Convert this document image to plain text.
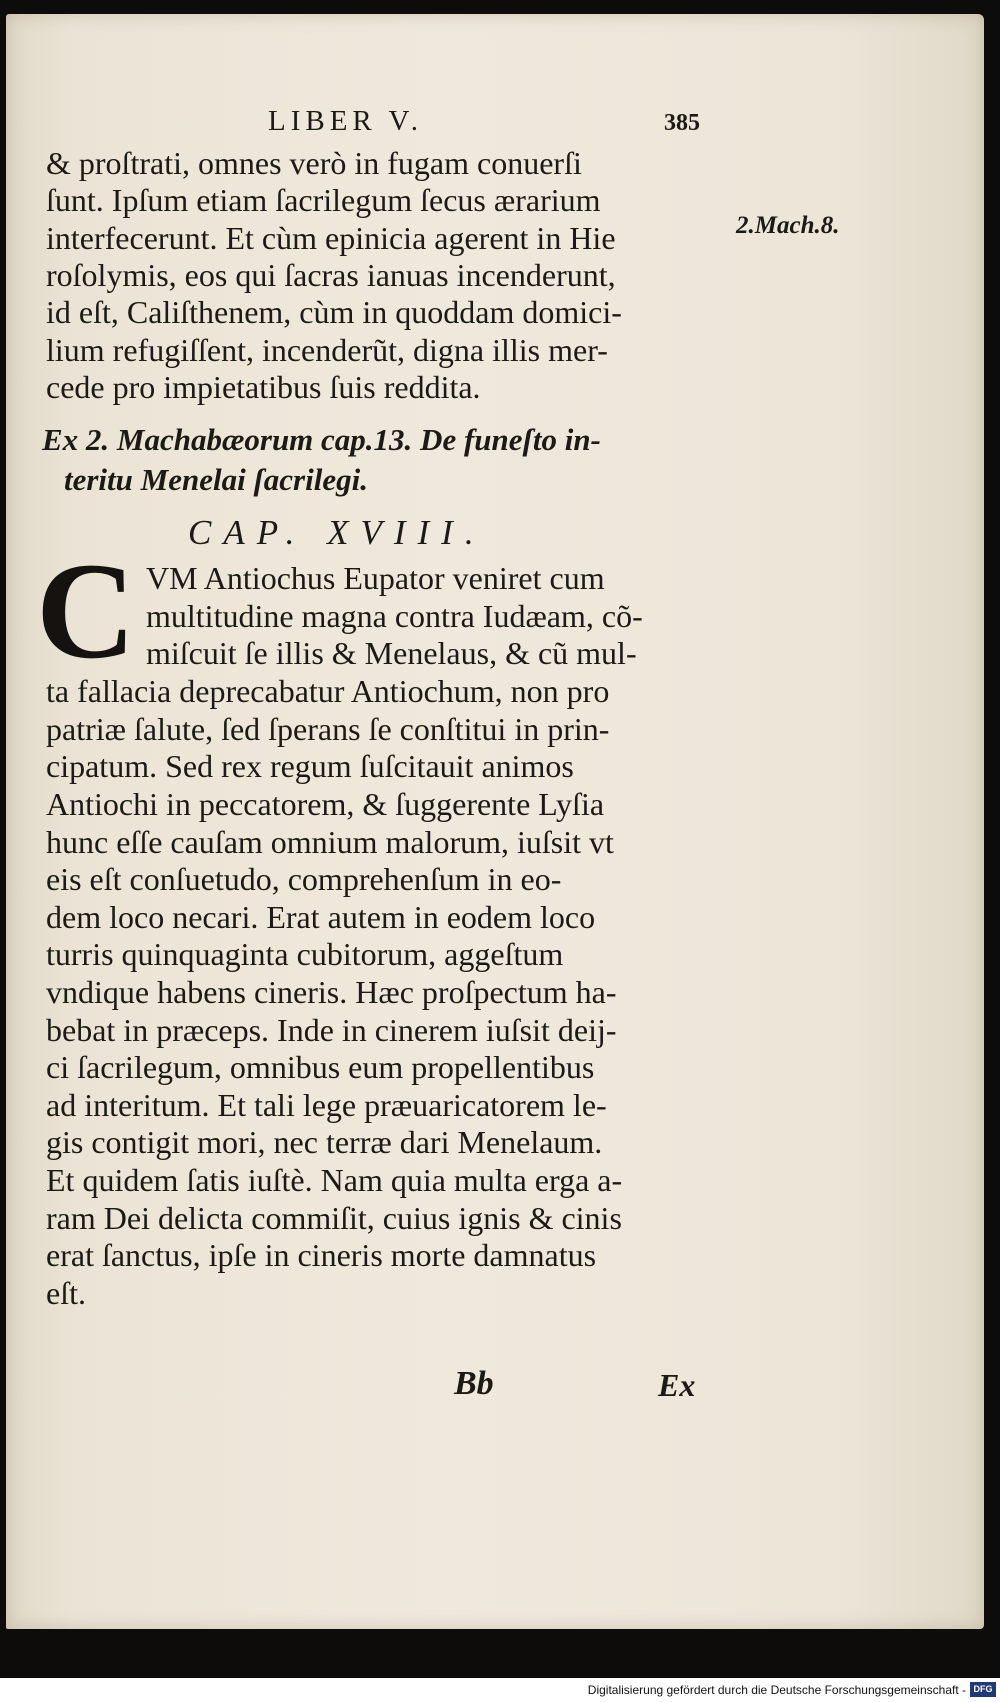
LIBER V.	385
2.Mach.8.
& proſtrati, omnes verò in fugam conuerſi
ſunt. Ipſum etiam ſacrilegum ſecus ærarium
interfecerunt. Et cùm epinicia agerent in Hie
roſolymis, eos qui ſacras ianuas incenderunt,
id eſt, Caliſthenem, cùm in quoddam domici-
lium refugiſſent, incenderũt, digna illis mer-
cede pro impietatibus ſuis reddita.
Ex 2. Machabæorum cap.13. De funeſto in-
teritu Menelai ſacrilegi.
CAP. XVIII.
C VM Antiochus Eupator veniret cum
multitudine magna contra Iudæam, cõ-
miſcuit ſe illis & Menelaus, & cũ mul-
ta fallacia deprecabatur Antiochum, non pro
patriæ ſalute, ſed ſperans ſe conſtitui in prin-
cipatum. Sed rex regum ſuſcitauit animos
Antiochi in peccatorem, & ſuggerente Lyſia
hunc eſſe cauſam omnium malorum, iuſsit vt
eis eſt conſuetudo, comprehenſum in eo-
dem loco necari. Erat autem in eodem loco
turris quinquaginta cubitorum, aggeſtum
vndique habens cineris. Hæc proſpectum ha-
bebat in præceps. Inde in cinerem iuſsit deij-
ci ſacrilegum, omnibus eum propellentibus
ad interitum. Et tali lege præuaricatorem le-
gis contigit mori, nec terræ dari Menelaum.
Et quidem ſatis iuſtè. Nam quia multa erga a-
ram Dei delicta commiſit, cuius ignis & cinis
erat ſanctus, ipſe in cineris morte damnatus
eſt.
Bb	Ex
Digitalisierung gefördert durch die Deutsche Forschungsgemeinschaft - DFG
